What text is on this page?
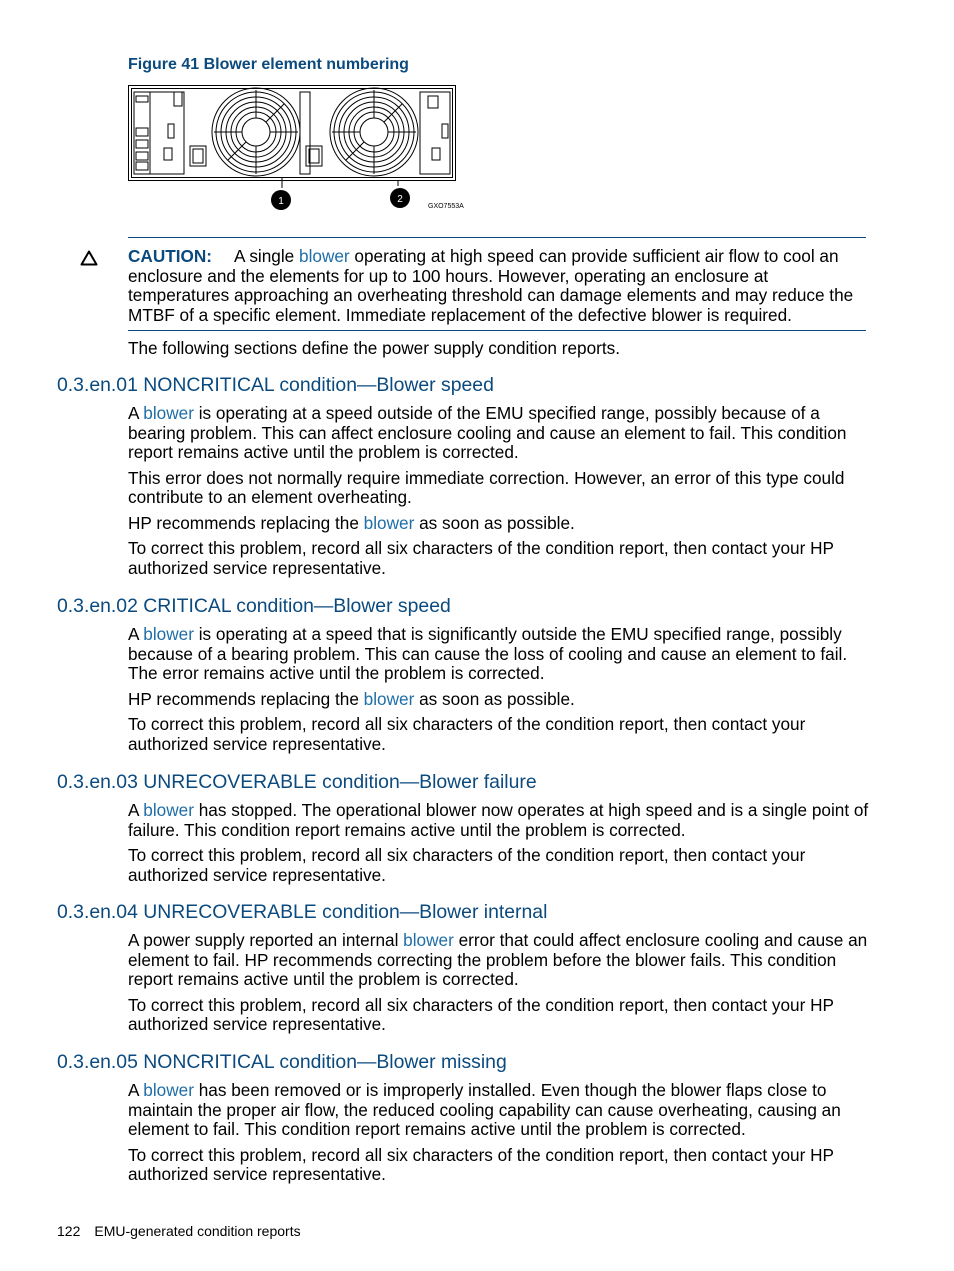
Figure 41 Blower element numbering

1	2
GXO7553A

CAUTION: A single blower operating at high speed can provide sufficient air flow to cool an enclosure and the elements for up to 100 hours. However, operating an enclosure at temperatures approaching an overheating threshold can damage elements and may reduce the MTBF of a specific element. Immediate replacement of the defective blower is required.

The following sections define the power supply condition reports.

0.3.en.01 NONCRITICAL condition—Blower speed

A blower is operating at a speed outside of the EMU specified range, possibly because of a bearing problem. This can affect enclosure cooling and cause an element to fail. This condition report remains active until the problem is corrected.

This error does not normally require immediate correction. However, an error of this type could contribute to an element overheating.

HP recommends replacing the blower as soon as possible.

To correct this problem, record all six characters of the condition report, then contact your HP authorized service representative.

0.3.en.02 CRITICAL condition—Blower speed

A blower is operating at a speed that is significantly outside the EMU specified range, possibly because of a bearing problem. This can cause the loss of cooling and cause an element to fail. The error remains active until the problem is corrected.

HP recommends replacing the blower as soon as possible.

To correct this problem, record all six characters of the condition report, then contact your authorized service representative.

0.3.en.03 UNRECOVERABLE condition—Blower failure

A blower has stopped. The operational blower now operates at high speed and is a single point of failure. This condition report remains active until the problem is corrected.

To correct this problem, record all six characters of the condition report, then contact your authorized service representative.

0.3.en.04 UNRECOVERABLE condition—Blower internal

A power supply reported an internal blower error that could affect enclosure cooling and cause an element to fail. HP recommends correcting the problem before the blower fails. This condition report remains active until the problem is corrected.

To correct this problem, record all six characters of the condition report, then contact your HP authorized service representative.

0.3.en.05 NONCRITICAL condition—Blower missing

A blower has been removed or is improperly installed. Even though the blower flaps close to maintain the proper air flow, the reduced cooling capability can cause overheating, causing an element to fail. This condition report remains active until the problem is corrected.

To correct this problem, record all six characters of the condition report, then contact your HP authorized service representative.

122 EMU-generated condition reports
